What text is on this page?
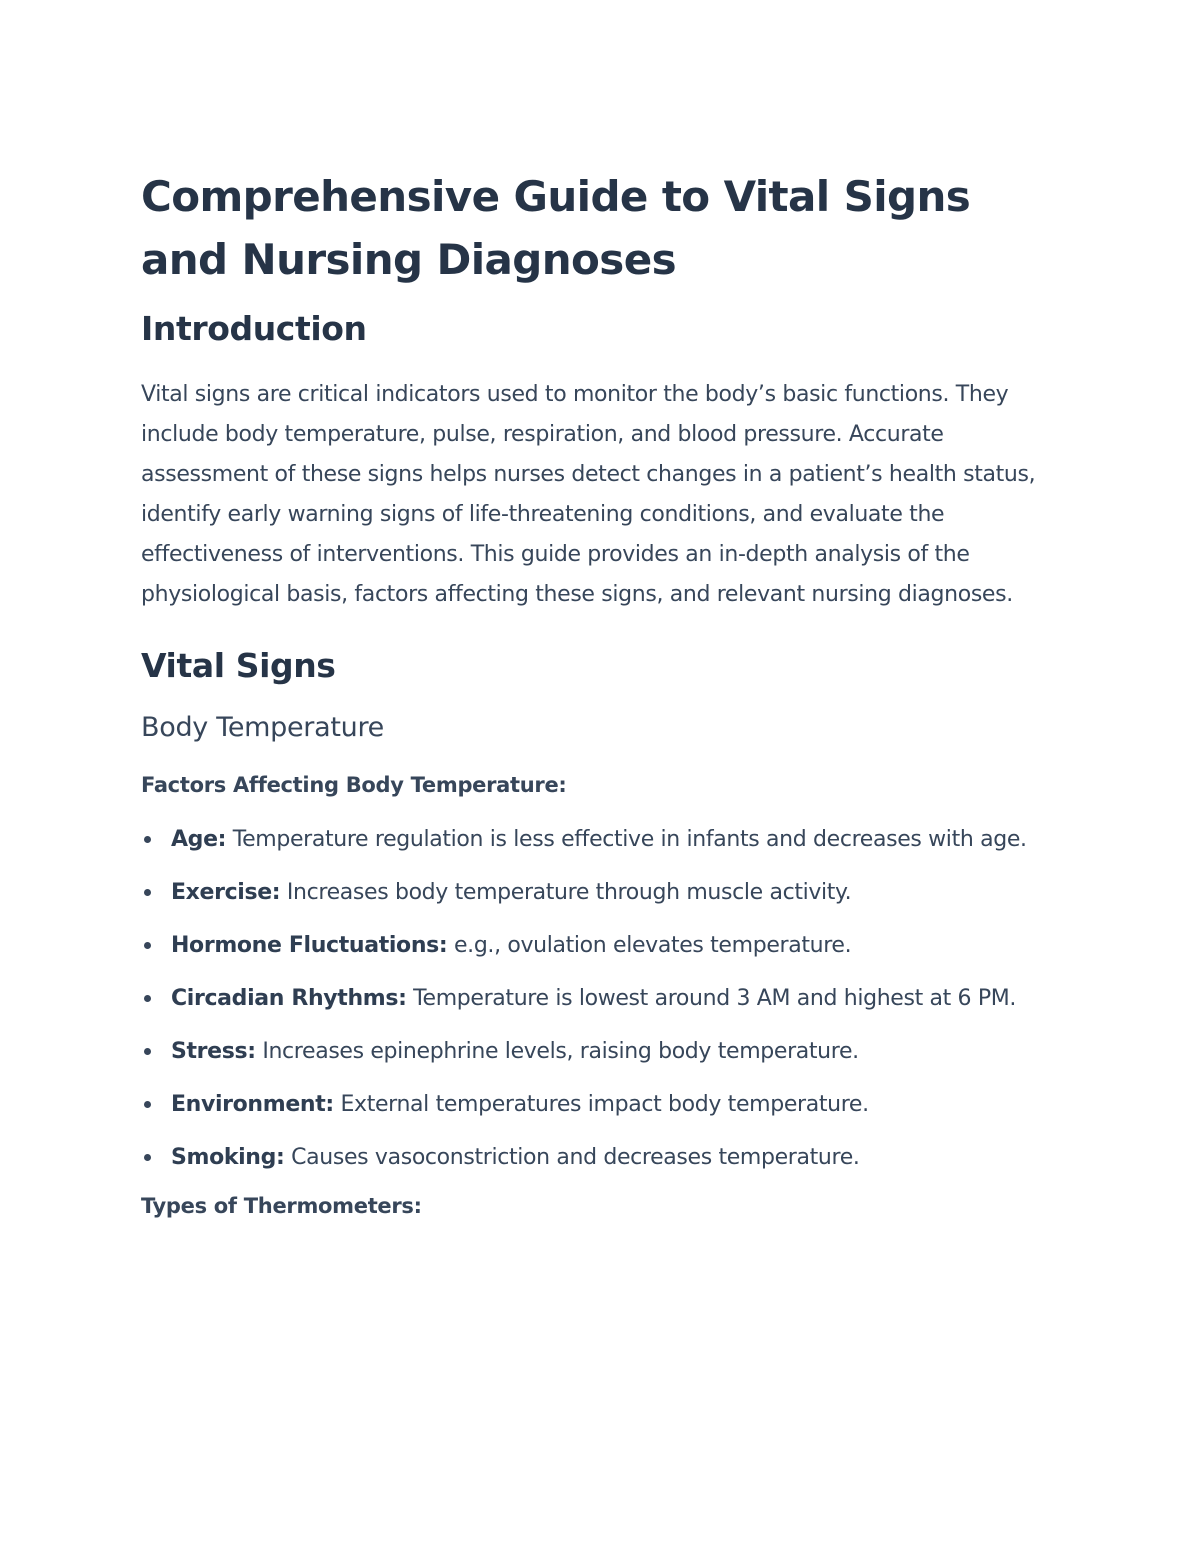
Comprehensive Guide to Vital Signs and Nursing Diagnoses
Introduction

Vital signs are critical indicators used to monitor the body’s basic functions. They include body temperature, pulse, respiration, and blood pressure. Accurate assessment of these signs helps nurses detect changes in a patient’s health status, identify early warning signs of life-threatening conditions, and evaluate the effectiveness of interventions. This guide provides an in-depth analysis of the physiological basis, factors affecting these signs, and relevant nursing diagnoses.

Vital Signs
Body Temperature

Factors Affecting Body Temperature:

Age: Temperature regulation is less effective in infants and decreases with age.
Exercise: Increases body temperature through muscle activity.
Hormone Fluctuations: e.g., ovulation elevates temperature.
Circadian Rhythms: Temperature is lowest around 3 AM and highest at 6 PM.
Stress: Increases epinephrine levels, raising body temperature.
Environment: External temperatures impact body temperature.
Smoking: Causes vasoconstriction and decreases temperature.

Types of Thermometers:
